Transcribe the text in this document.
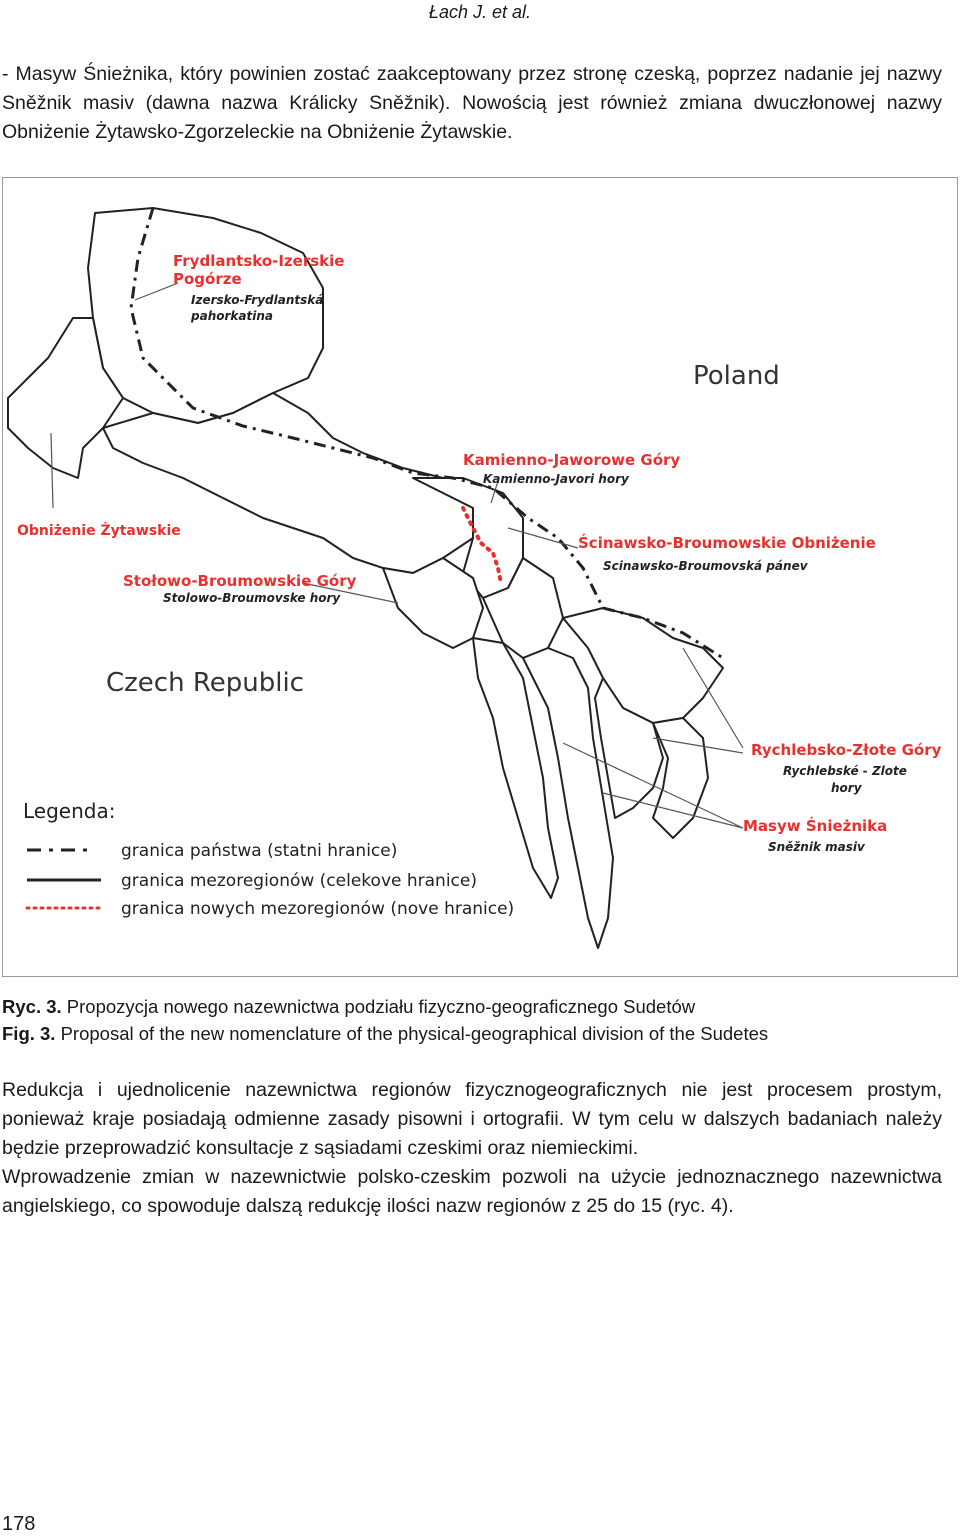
Łach J. et al.

- Masyw Śnieżnika, który powinien zostać zaakceptowany przez stronę czeską, poprzez nadanie jej nazwy Sněžnik masiv (dawna nazwa Králicky Sněžnik). Nowością jest również zmiana dwuczłonowej nazwy Obniżenie Żytawsko-Zgorzeleckie na Obniżenie Żytawskie.

Poland
Czech Republic
Frydlantsko-Izerskie
Pogórze
Izersko-Frydlantská
pahorkatina
Kamienno-Jaworowe Góry
Kamienno-Javori hory
Obniżenie Żytawskie
Ścinawsko-Broumowskie Obniżenie
Scinawsko-Broumovská pánev
Stołowo-Broumowskie Góry
Stolowo-Broumovske hory
Rychlebsko-Złote Góry
Rychlebské - Zlote
hory
Masyw Śnieżnika
Sněžnik masiv
Legenda:
granica państwa (statni hranice)
granica mezoregionów (celekove hranice)
granica nowych mezoregionów (nove hranice)
Ryc. 3. Propozycja nowego nazewnictwa podziału fizyczno-geograficznego Sudetów
Fig. 3. Proposal of the new nomenclature of the physical-geographical division of the Sudetes

Redukcja i ujednolicenie nazewnictwa regionów fizycznogeograficznych nie jest procesem prostym, ponieważ kraje posiadają odmienne zasady pisowni i ortografii. W tym celu w dalszych badaniach należy będzie przeprowadzić konsultacje z sąsiadami czeskimi oraz niemieckimi.

Wprowadzenie zmian w nazewnictwie polsko-czeskim pozwoli na użycie jednoznacznego nazewnictwa angielskiego, co spowoduje dalszą redukcję ilości nazw regionów z 25 do 15 (ryc. 4).

178
